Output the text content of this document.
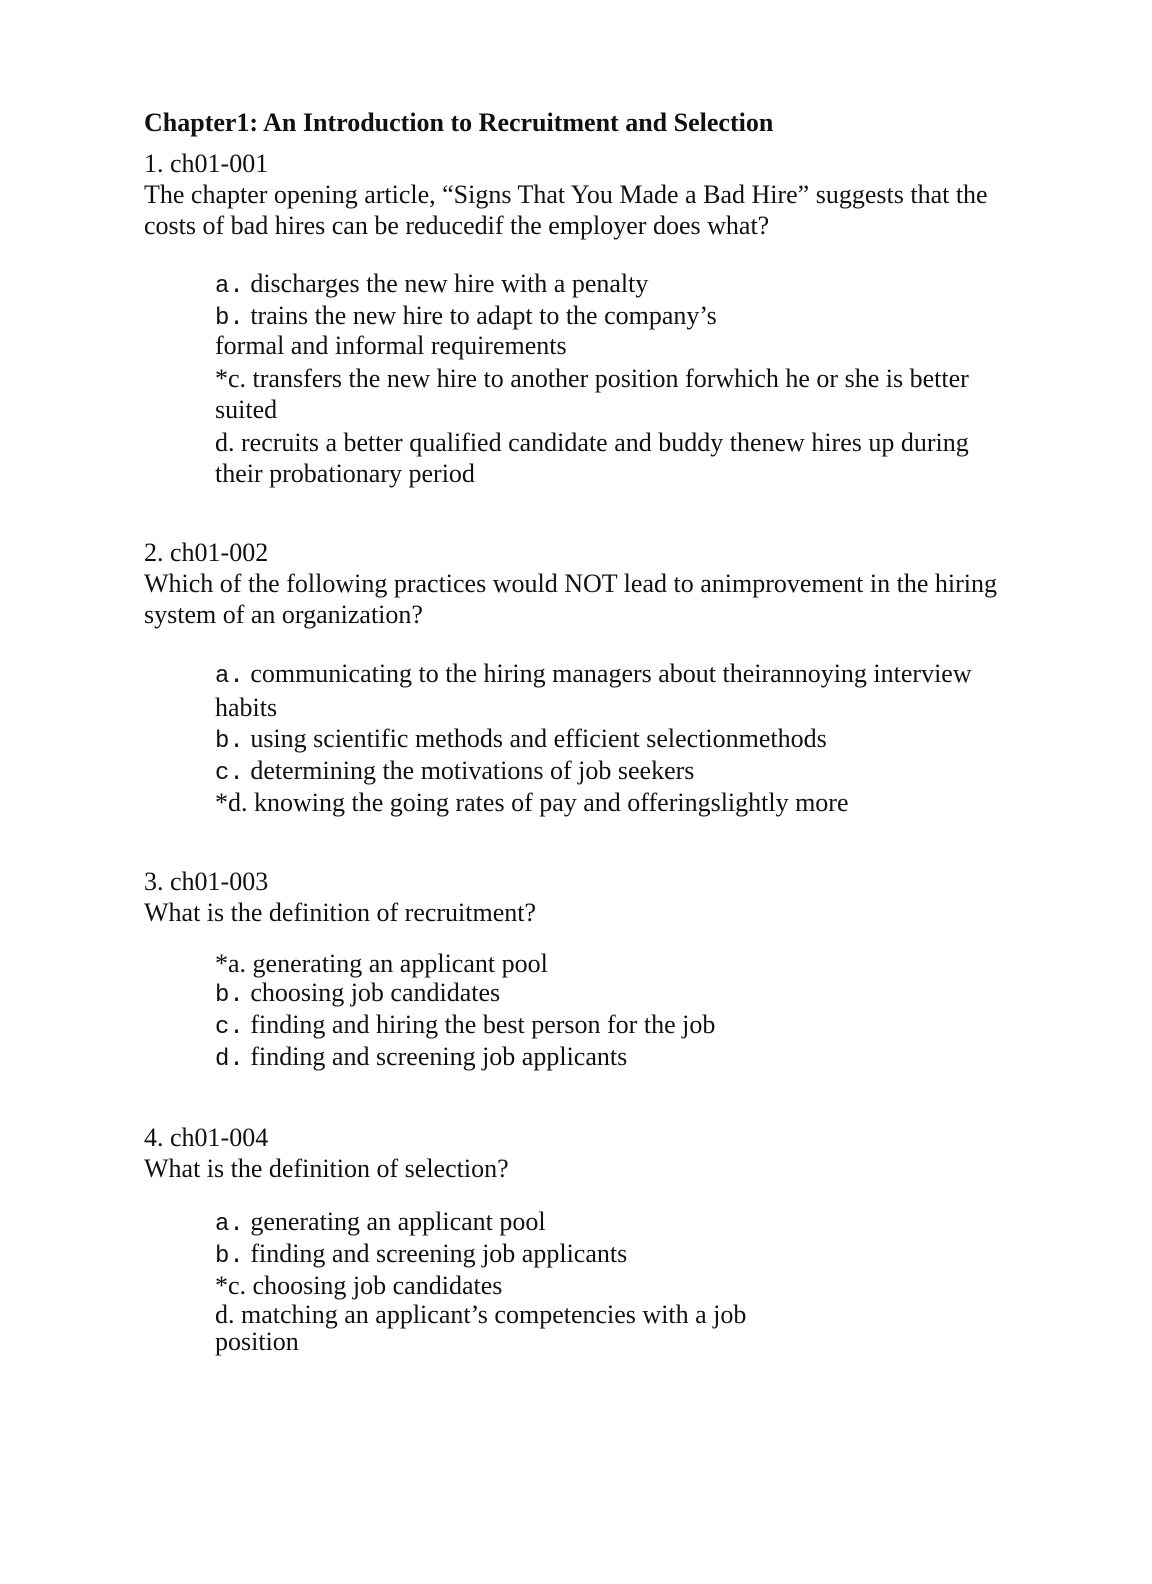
Chapter1: An Introduction to Recruitment and Selection
1. ch01-001
The chapter opening article, “Signs That You Made a Bad Hire” suggests that the costs of bad hires can be reducedif the employer does what?
a. discharges the new hire with a penalty
b. trains the new hire to adapt to the company’s formal and informal requirements
*c. transfers the new hire to another position forwhich he or she is better suited
d. recruits a better qualified candidate and buddy thenew hires up during their probationary period
2. ch01-002
Which of the following practices would NOT lead to animprovement in the hiring system of an organization?
a. communicating to the hiring managers about theirannoying interview habits
b. using scientific methods and efficient selectionmethods
c. determining the motivations of job seekers
*d. knowing the going rates of pay and offeringslightly more
3. ch01-003
What is the definition of recruitment?
*a. generating an applicant pool
b. choosing job candidates
c. finding and hiring the best person for the job
d. finding and screening job applicants
4. ch01-004
What is the definition of selection?
a. generating an applicant pool
b. finding and screening job applicants
*c. choosing job candidates
d. matching an applicant’s competencies with a job position
